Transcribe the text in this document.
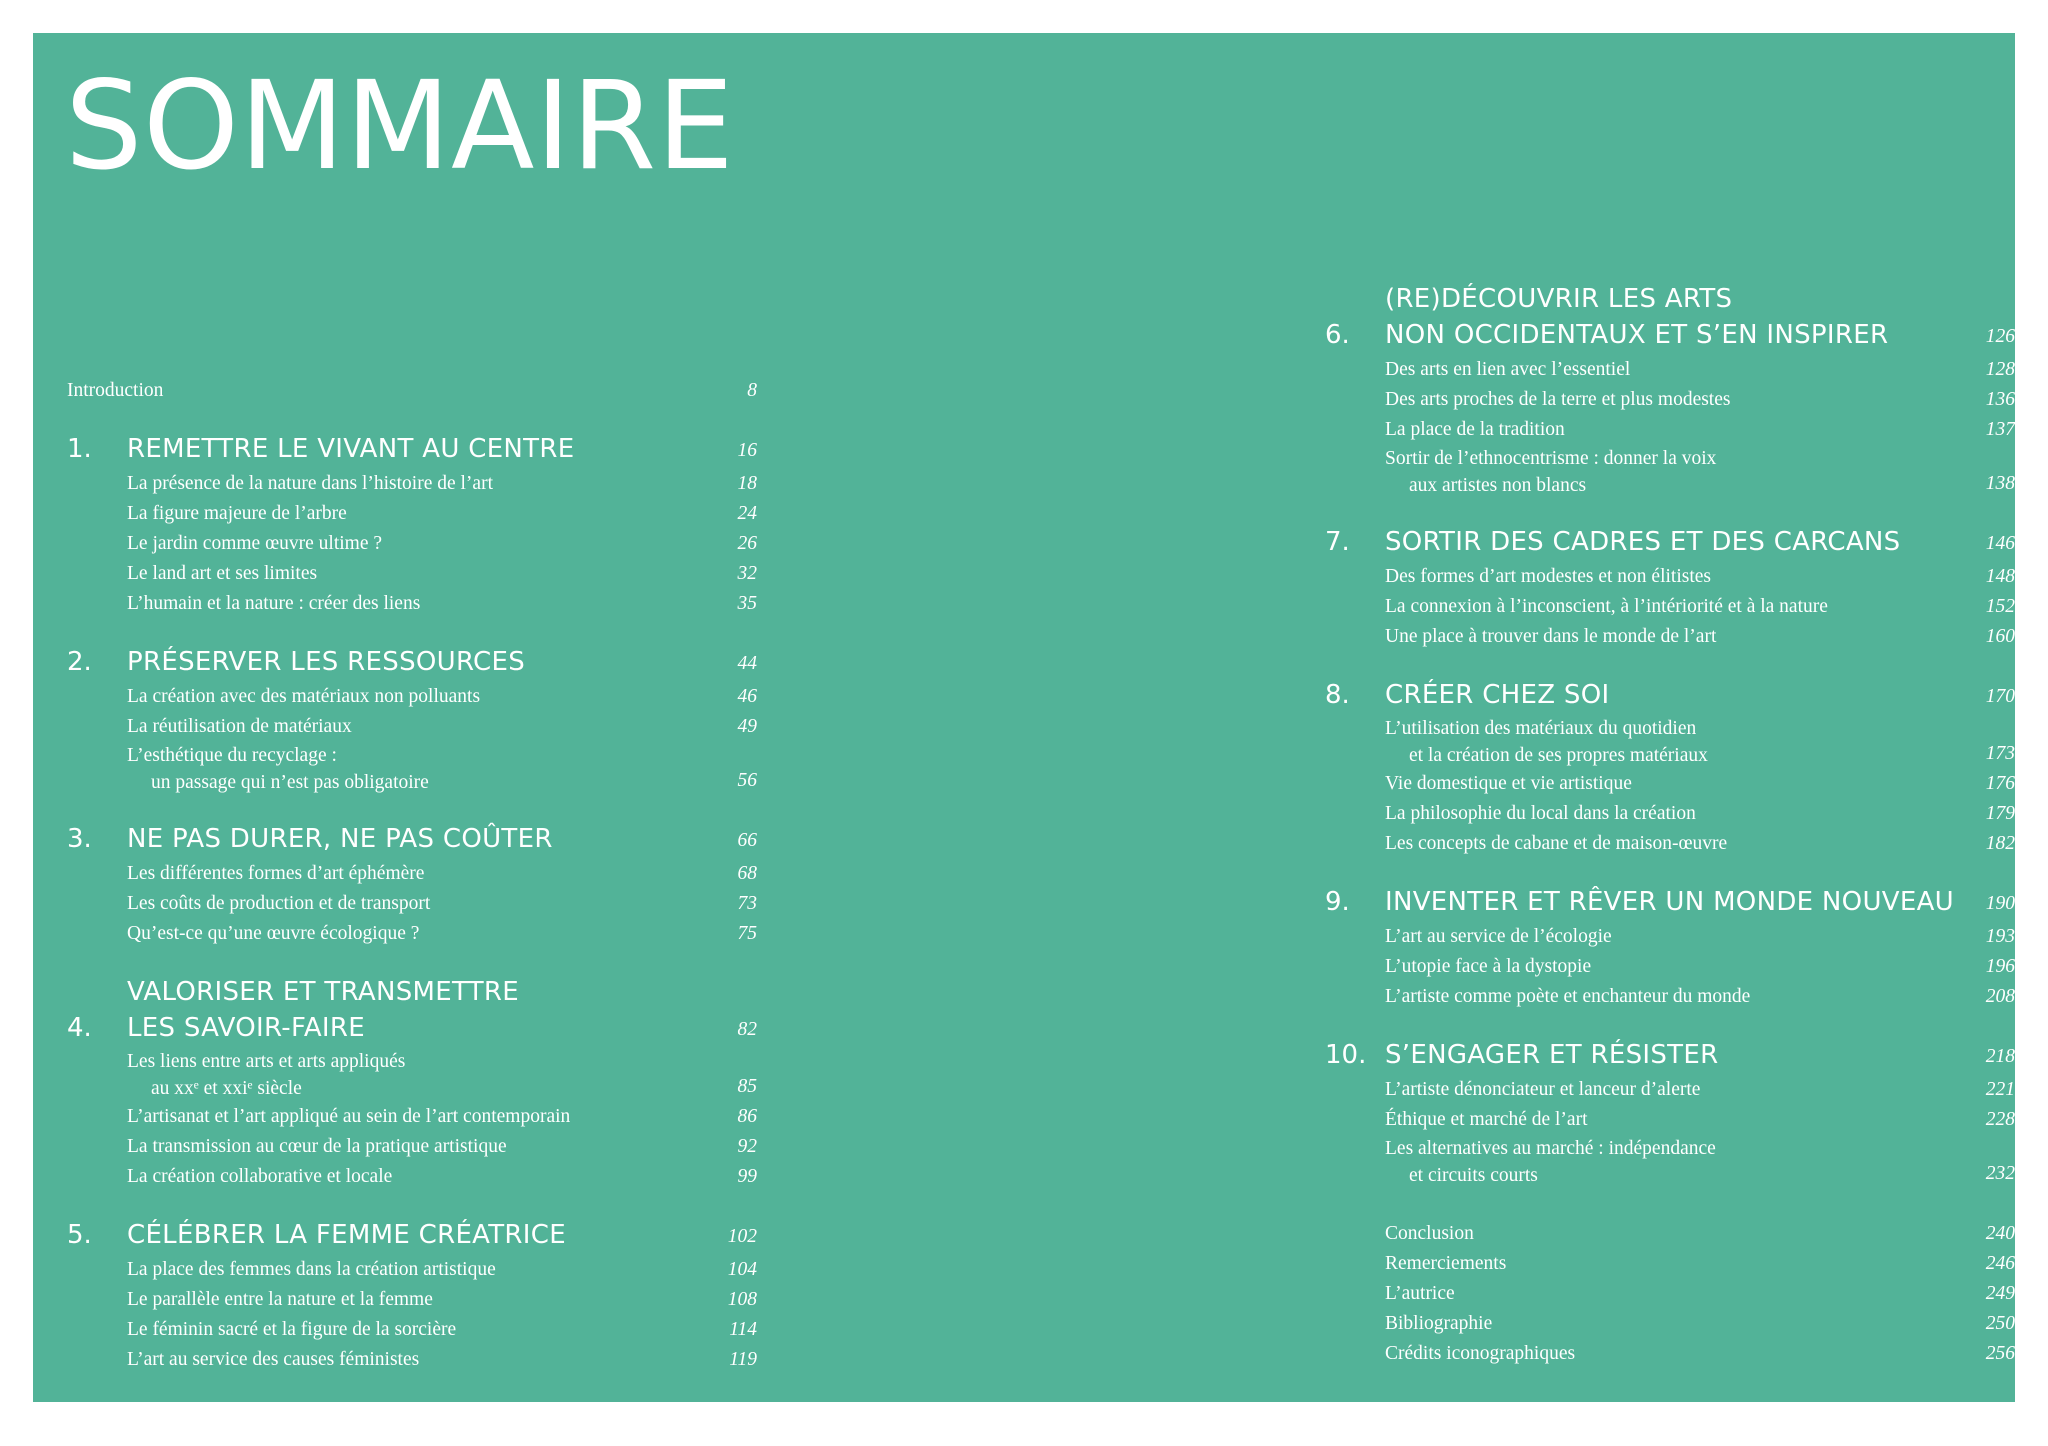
SOMMAIRE
Introduction	8
1.	REMETTRE LE VIVANT AU CENTRE	16
La présence de la nature dans l’histoire de l’art	18
La figure majeure de l’arbre	24
Le jardin comme œuvre ultime ?	26
Le land art et ses limites	32
L’humain et la nature : créer des liens	35
2.	PRÉSERVER LES RESSOURCES	44
La création avec des matériaux non polluants	46
La réutilisation de matériaux	49
L’esthétique du recyclage :
un passage qui n’est pas obligatoire	56
3.	NE PAS DURER, NE PAS COÛTER	66
Les différentes formes d’art éphémère	68
Les coûts de production et de transport	73
Qu’est-ce qu’une œuvre écologique ?	75
4.
VALORISER ET TRANSMETTRE
LES SAVOIR-FAIRE	82
Les liens entre arts et arts appliqués
au xxᵉ et xxiᵉ siècle	85
L’artisanat et l’art appliqué au sein de l’art contemporain	86
La transmission au cœur de la pratique artistique	92
La création collaborative et locale	99
5.	CÉLÉBRER LA FEMME CRÉATRICE	102
La place des femmes dans la création artistique	104
Le parallèle entre la nature et la femme	108
Le féminin sacré et la figure de la sorcière	114
L’art au service des causes féministes	119
6.
(RE)DÉCOUVRIR LES ARTS
NON OCCIDENTAUX ET S’EN INSPIRER	126
Des arts en lien avec l’essentiel	128
Des arts proches de la terre et plus modestes	136
La place de la tradition	137
Sortir de l’ethnocentrisme : donner la voix
aux artistes non blancs	138
7.	SORTIR DES CADRES ET DES CARCANS	146
Des formes d’art modestes et non élitistes	148
La connexion à l’inconscient, à l’intériorité et à la nature	152
Une place à trouver dans le monde de l’art	160
8.	CRÉER CHEZ SOI	170
L’utilisation des matériaux du quotidien
et la création de ses propres matériaux	173
Vie domestique et vie artistique	176
La philosophie du local dans la création	179
Les concepts de cabane et de maison-œuvre	182
9.	INVENTER ET RÊVER UN MONDE NOUVEAU	190
L’art au service de l’écologie	193
L’utopie face à la dystopie	196
L’artiste comme poète et enchanteur du monde	208
10. S’ENGAGER ET RÉSISTER	218
L’artiste dénonciateur et lanceur d’alerte	221
Éthique et marché de l’art	228
Les alternatives au marché : indépendance
et circuits courts	232
Conclusion	240
Remerciements	246
L’autrice	249
Bibliographie	250
Crédits iconographiques	256
